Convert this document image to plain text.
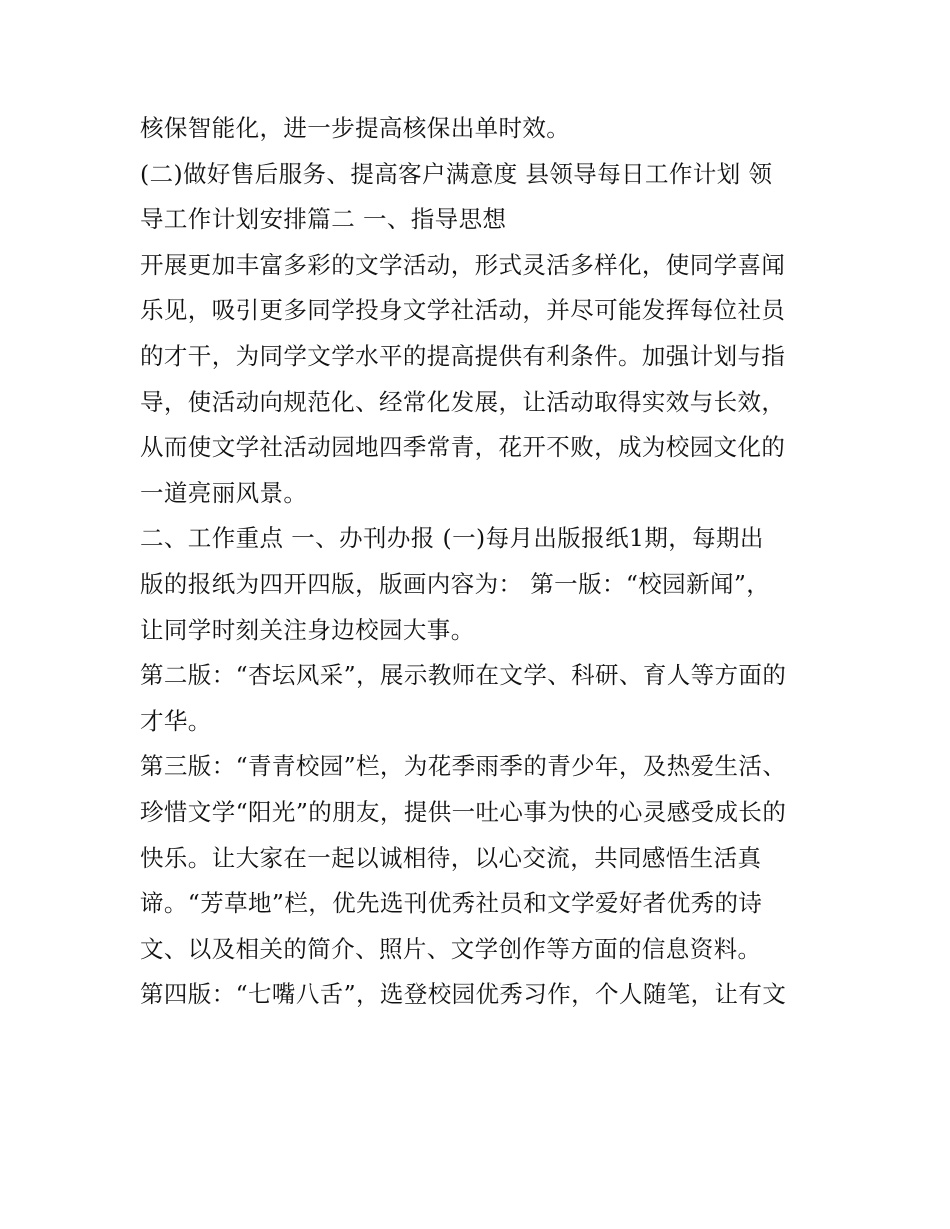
核保智能化，进一步提高核保出单时效。
(二)做好售后服务、提高客户满意度 县领导每日工作计划 领
导工作计划安排篇二 一、指导思想
开展更加丰富多彩的文学活动，形式灵活多样化，使同学喜闻
乐见，吸引更多同学投身文学社活动，并尽可能发挥每位社员
的才干，为同学文学水平的提高提供有利条件。加强计划与指
导，使活动向规范化、经常化发展，让活动取得实效与长效，
从而使文学社活动园地四季常青，花开不败，成为校园文化的
一道亮丽风景。
二、工作重点 一、办刊办报 (一)每月出版报纸1期，每期出
版的报纸为四开四版，版画内容为： 第一版：“校园新闻”，
让同学时刻关注身边校园大事。
第二版：“杏坛风采”，展示教师在文学、科研、育人等方面的
才华。
第三版：“青青校园”栏，为花季雨季的青少年，及热爱生活、
珍惜文学“阳光”的朋友，提供一吐心事为快的心灵感受成长的
快乐。让大家在一起以诚相待，以心交流，共同感悟生活真
谛。“芳草地”栏，优先选刊优秀社员和文学爱好者优秀的诗
文、以及相关的简介、照片、文学创作等方面的信息资料。
第四版：“七嘴八舌”，选登校园优秀习作，个人随笔，让有文
